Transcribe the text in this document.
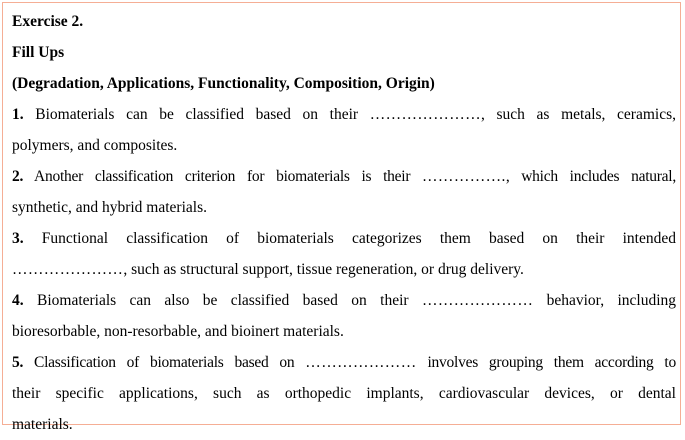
Exercise 2.
Fill Ups
(Degradation, Applications, Functionality, Composition, Origin)
1. Biomaterials can be classified based on their …………………, such as metals, ceramics,
polymers, and composites.
2. Another classification criterion for biomaterials is their ……………., which includes natural,
synthetic, and hybrid materials.
3. Functional classification of biomaterials categorizes them based on their intended
…………………, such as structural support, tissue regeneration, or drug delivery.
4. Biomaterials can also be classified based on their ………………… behavior, including
bioresorbable, non-resorbable, and bioinert materials.
5. Classification of biomaterials based on ………………… involves grouping them according to
their specific applications, such as orthopedic implants, cardiovascular devices, or dental
materials.
